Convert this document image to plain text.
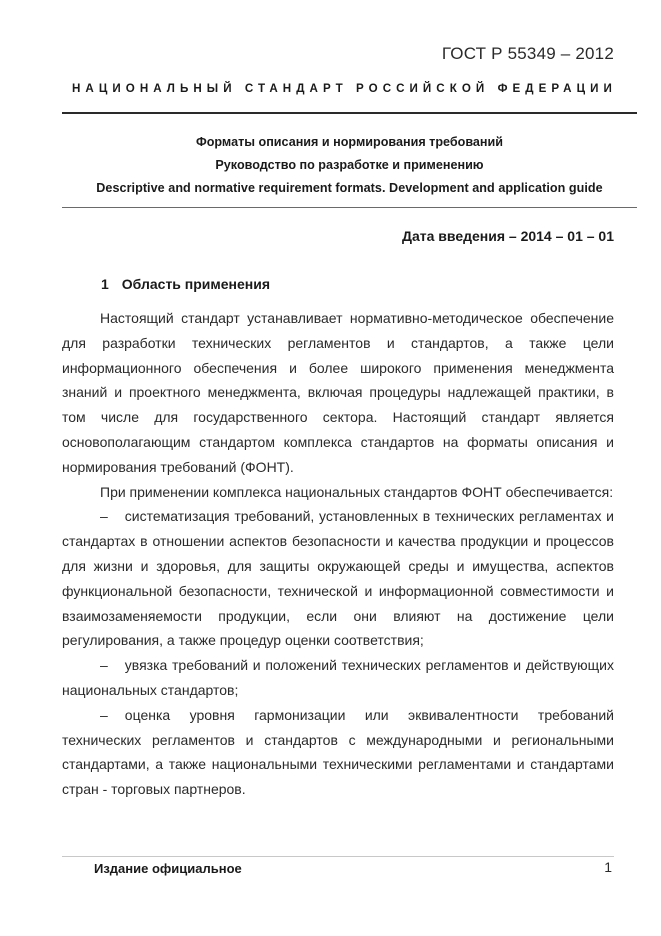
ГОСТ Р 55349 – 2012
НАЦИОНАЛЬНЫЙ СТАНДАРТ РОССИЙСКОЙ ФЕДЕРАЦИИ
Форматы описания и нормирования требований
Руководство по разработке и применению
Descriptive and normative requirement formats. Development and application guide
Дата введения – 2014 – 01 – 01
1 Область применения

Настоящий стандарт устанавливает нормативно-методическое обеспечение для разработки технических регламентов и стандартов, а также цели информационного обеспечения и более широкого применения менеджмента знаний и проектного менеджмента, включая процедуры надлежащей практики, в том числе для государственного сектора. Настоящий стандарт является основополагающим стандартом комплекса стандартов на форматы описания и нормирования требований (ФОНТ).

При применении комплекса национальных стандартов ФОНТ обеспечивается:

– систематизация требований, установленных в технических регламентах и стандартах в отношении аспектов безопасности и качества продукции и процессов для жизни и здоровья, для защиты окружающей среды и имущества, аспектов функциональной безопасности, технической и информационной совместимости и взаимозаменяемости продукции, если они влияют на достижение цели регулирования, а также процедур оценки соответствия;

– увязка требований и положений технических регламентов и действующих национальных стандартов;

– оценка уровня гармонизации или эквивалентности требований технических регламентов и стандартов с международными и региональными стандартами, а также национальными техническими регламентами и стандартами стран - торговых партнеров.

Издание официальное	1
